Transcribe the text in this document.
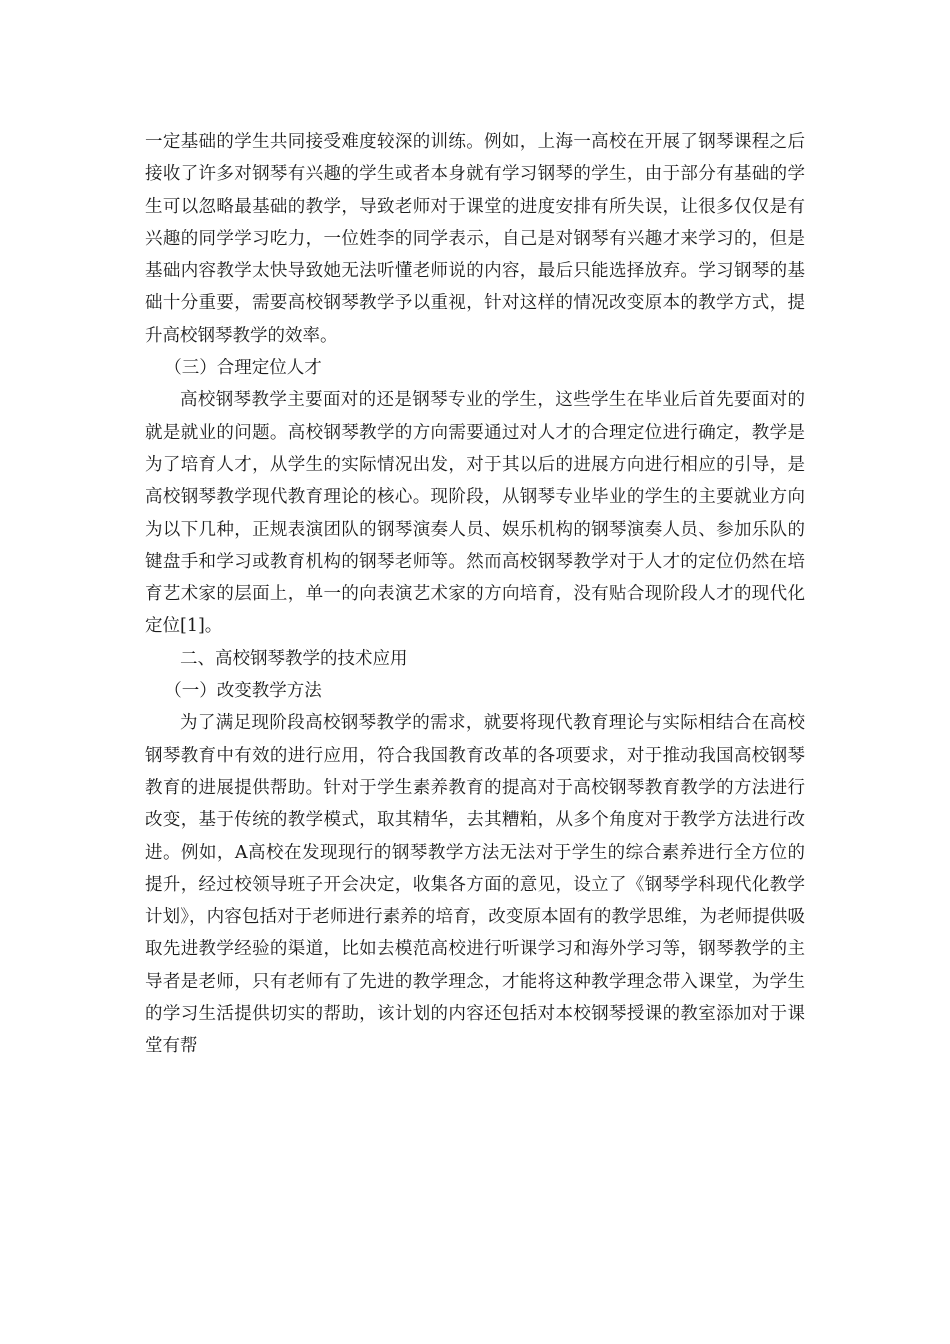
一定基础的学生共同接受难度较深的训练。例如，上海一高校在开展了钢琴课程之后接收了许多对钢琴有兴趣的学生或者本身就有学习钢琴的学生，由于部分有基础的学生可以忽略最基础的教学，导致老师对于课堂的进度安排有所失误，让很多仅仅是有兴趣的同学学习吃力，一位姓李的同学表示，自己是对钢琴有兴趣才来学习的，但是基础内容教学太快导致她无法听懂老师说的内容，最后只能选择放弃。学习钢琴的基础十分重要，需要高校钢琴教学予以重视，针对这样的情况改变原本的教学方式，提升高校钢琴教学的效率。

（三）合理定位人才

高校钢琴教学主要面对的还是钢琴专业的学生，这些学生在毕业后首先要面对的就是就业的问题。高校钢琴教学的方向需要通过对人才的合理定位进行确定，教学是为了培育人才，从学生的实际情况出发，对于其以后的进展方向进行相应的引导，是高校钢琴教学现代教育理论的核心。现阶段，从钢琴专业毕业的学生的主要就业方向为以下几种，正规表演团队的钢琴演奏人员、娱乐机构的钢琴演奏人员、参加乐队的键盘手和学习或教育机构的钢琴老师等。然而高校钢琴教学对于人才的定位仍然在培育艺术家的层面上，单一的向表演艺术家的方向培育，没有贴合现阶段人才的现代化定位[1]。

二、高校钢琴教学的技术应用

（一）改变教学方法

为了满足现阶段高校钢琴教学的需求，就要将现代教育理论与实际相结合在高校钢琴教育中有效的进行应用，符合我国教育改革的各项要求，对于推动我国高校钢琴教育的进展提供帮助。针对于学生素养教育的提高对于高校钢琴教育教学的方法进行改变，基于传统的教学模式，取其精华，去其糟粕，从多个角度对于教学方法进行改进。例如，A高校在发现现行的钢琴教学方法无法对于学生的综合素养进行全方位的提升，经过校领导班子开会决定，收集各方面的意见，设立了《钢琴学科现代化教学计划》，内容包括对于老师进行素养的培育，改变原本固有的教学思维，为老师提供吸取先进教学经验的渠道，比如去模范高校进行听课学习和海外学习等，钢琴教学的主导者是老师，只有老师有了先进的教学理念，才能将这种教学理念带入课堂，为学生的学习生活提供切实的帮助，该计划的内容还包括对本校钢琴授课的教室添加对于课堂有帮
